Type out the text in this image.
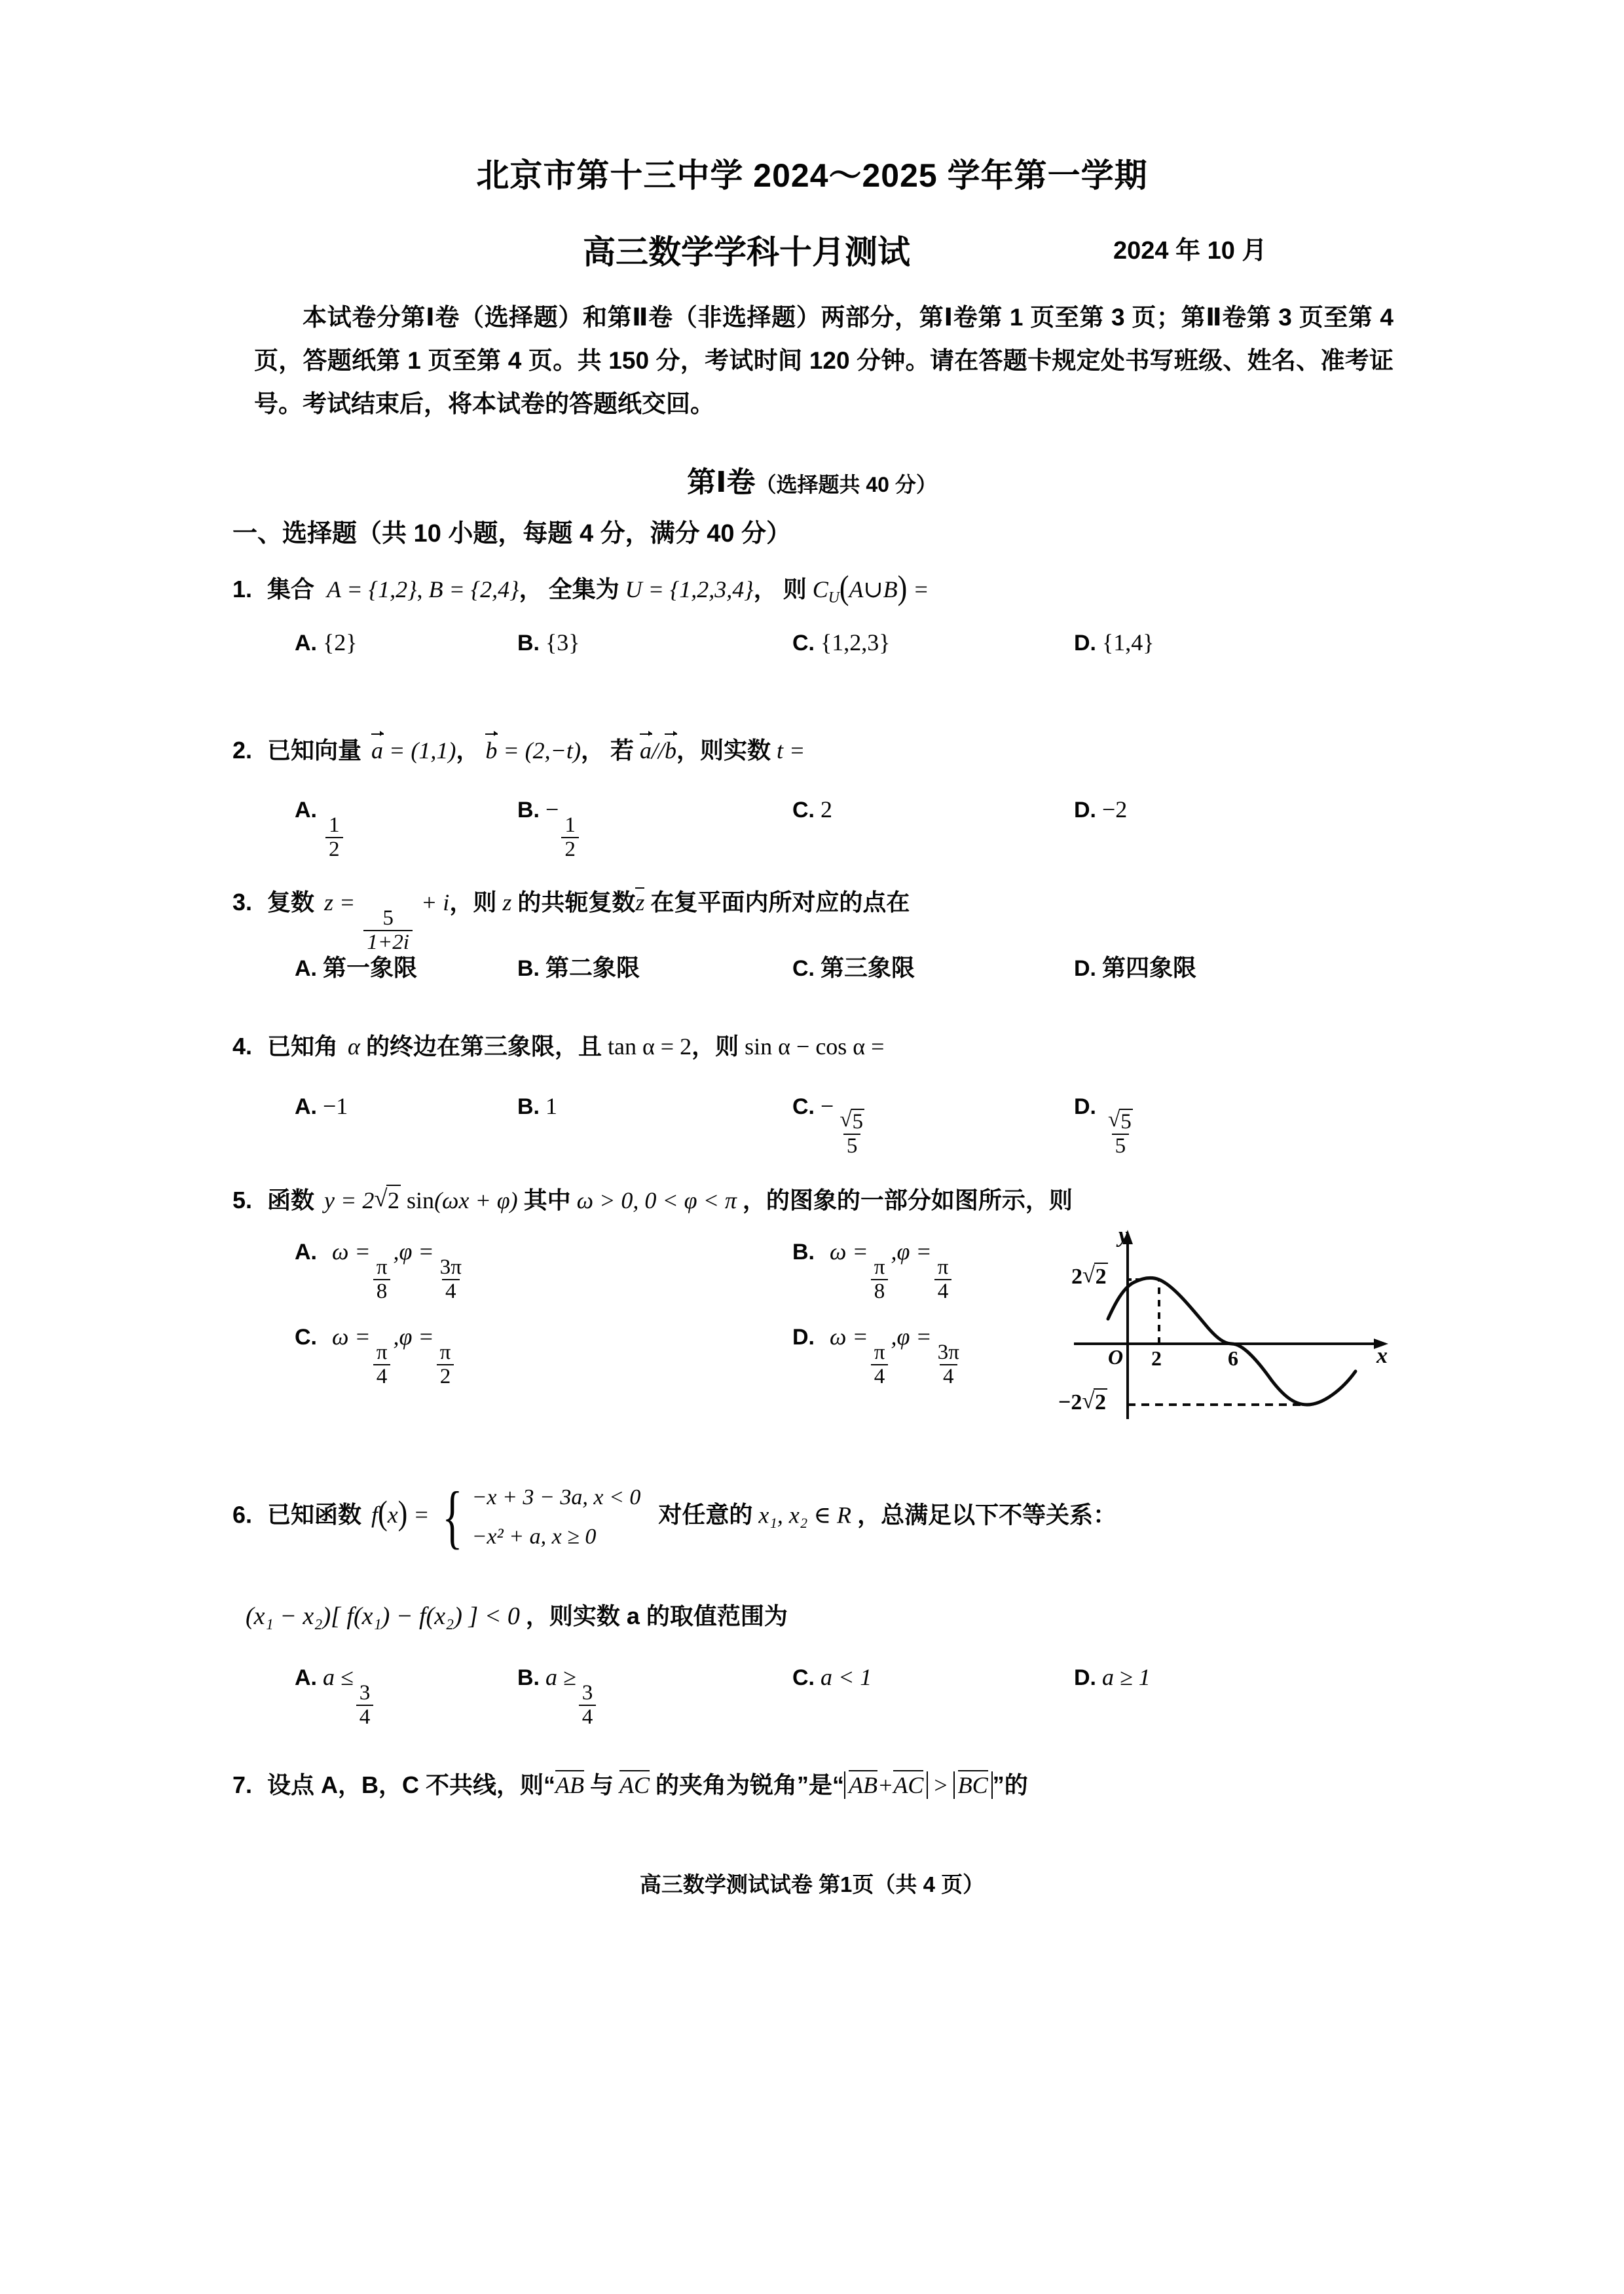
北京市第十三中学 2024～2025 学年第一学期
高三数学学科十月测试	2024 年 10 月
本试卷分第Ⅰ卷（选择题）和第Ⅱ卷（非选择题）两部分，第Ⅰ卷第 1 页至第 3 页；第Ⅱ卷第 3 页至第 4 页，答题纸第 1 页至第 4 页。共 150 分，考试时间 120 分钟。请在答题卡规定处书写班级、姓名、准考证号。考试结束后，将本试卷的答题纸交回。
第Ⅰ卷（选择题共 40 分）
一、选择题（共 10 小题，每题 4 分，满分 40 分）
1. 集合 A = {1,2}, B = {2,4}， 全集为 U = {1,2,3,4}， 则 $C_U(A\cup B)$ =
A. {2}	B. {3}	C. {1,2,3}	D. {1,4}
2. 已知向量 a = (1,1)， b = (2,−t)， 若 a//b，则实数 t =
A.
$\frac{1}{2}$
B. −
$\frac{1}{2}$
C. 2	D. −2
3. 复数 z =
$\frac{5}{1+2i}$
+ i，则 z 的共轭复数z 在复平面内所对应的点在
A. 第一象限	B. 第二象限	C. 第三象限	D. 第四象限
4. 已知角 α 的终边在第三象限，且 tan α = 2，则 sin α − cos α =
A. −1	B. 1	C. −
√ $\frac{5}{5}$
D.
√ $\frac{5}{5}$
5. 函数 y = 2 √ 2 sin(ωx + φ) 其中 ω > 0, 0 < φ < π ，的图象的一部分如图所示，则
A. ω =
$\frac{\pi}{8}$
,φ =
$\frac{3\pi}{4}$
B. ω =
$\frac{\pi}{8}$
,φ =
$\frac{\pi}{4}$
C. ω =
$\frac{\pi}{4}$
,φ =
$\frac{\pi}{2}$
D. ω =
$\frac{\pi}{4}$
,φ =
$\frac{3\pi}{4}$
y
x
O 2	6
2 √ 2
−2 √ 2
6. 已知函数 f(x) = { −x + 3 − 3a, x < 0
−x² + a, x ≥ 0
对任意的 x₁, x₂ ∈ R ，总满足以下不等关系：
(x₁ − x₂)[ f(x₁) − f(x₂) ] < 0 ，则实数 a 的取值范围为
A. a ≤
$\frac{3}{4}$
B. a ≥
$\frac{3}{4}$
C. a < 1	D. a ≥ 1
7. 设点 A，B，C 不共线，则“AB 与 AC 的夹角为锐角”是“ AB+AC > BC ”的
高三数学测试试卷 第1页（共 4 页）
